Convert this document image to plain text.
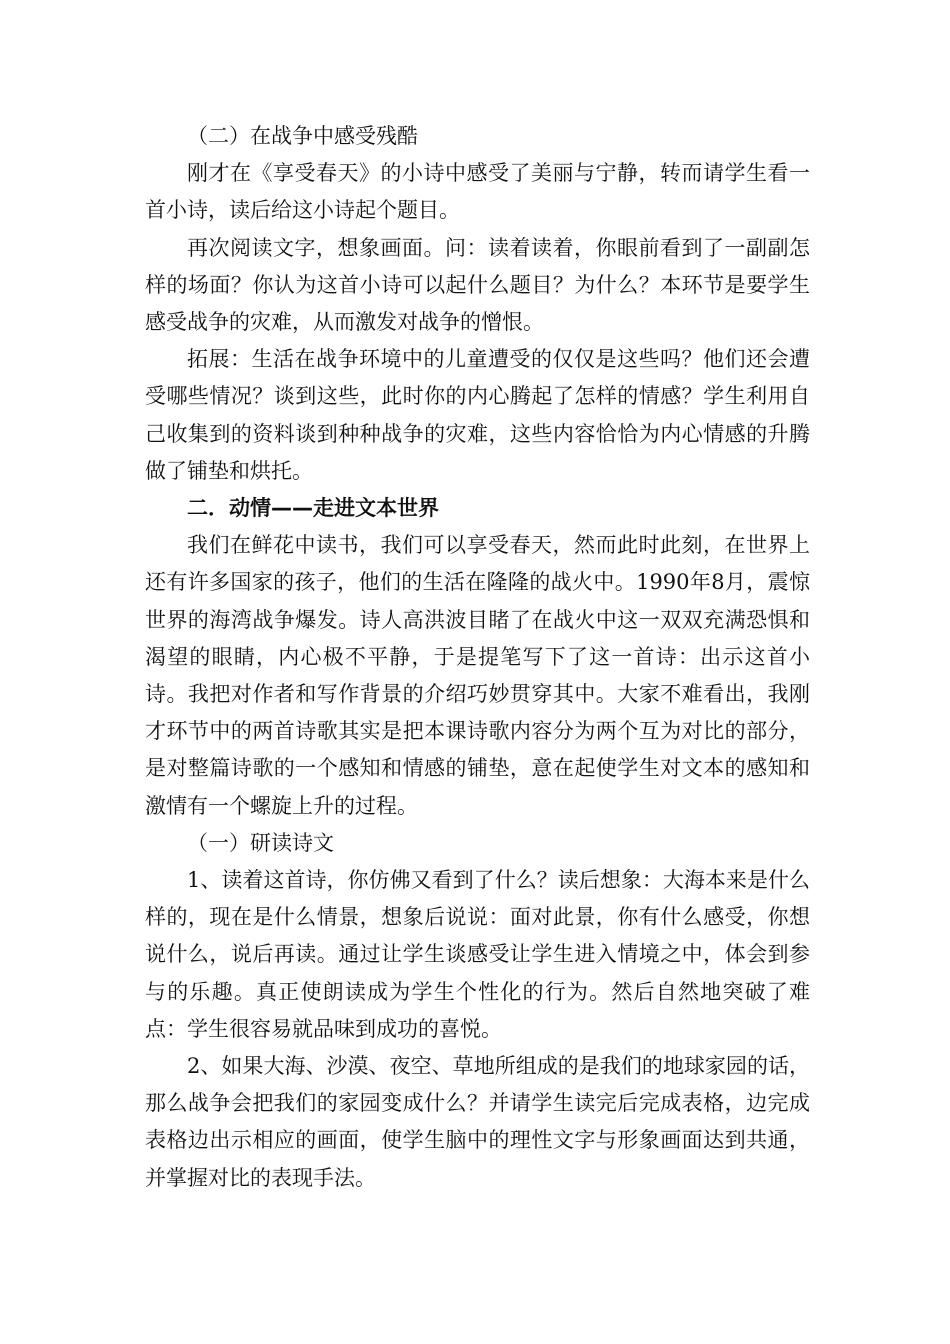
（二）在战争中感受残酷

刚才在《享受春天》的小诗中感受了美丽与宁静，转而请学生看一首小诗，读后给这小诗起个题目。

再次阅读文字，想象画面。问：读着读着，你眼前看到了一副副怎样的场面？你认为这首小诗可以起什么题目？为什么？本环节是要学生感受战争的灾难，从而激发对战争的憎恨。

拓展：生活在战争环境中的儿童遭受的仅仅是这些吗？他们还会遭受哪些情况？谈到这些，此时你的内心腾起了怎样的情感？学生利用自己收集到的资料谈到种种战争的灾难，这些内容恰恰为内心情感的升腾做了铺垫和烘托。

二．动情——走进文本世界

我们在鲜花中读书，我们可以享受春天，然而此时此刻，在世界上还有许多国家的孩子，他们的生活在隆隆的战火中。1990年8月，震惊世界的海湾战争爆发。诗人高洪波目睹了在战火中这一双双充满恐惧和渴望的眼睛，内心极不平静，于是提笔写下了这一首诗：出示这首小诗。我把对作者和写作背景的介绍巧妙贯穿其中。大家不难看出，我刚才环节中的两首诗歌其实是把本课诗歌内容分为两个互为对比的部分，是对整篇诗歌的一个感知和情感的铺垫，意在起使学生对文本的感知和激情有一个螺旋上升的过程。

（一）研读诗文

1、读着这首诗，你仿佛又看到了什么？读后想象：大海本来是什么样的，现在是什么情景，想象后说说：面对此景，你有什么感受，你想说什么，说后再读。通过让学生谈感受让学生进入情境之中，体会到参与的乐趣。真正使朗读成为学生个性化的行为。然后自然地突破了难点：学生很容易就品味到成功的喜悦。

2、如果大海、沙漠、夜空、草地所组成的是我们的地球家园的话，那么战争会把我们的家园变成什么？并请学生读完后完成表格，边完成表格边出示相应的画面，使学生脑中的理性文字与形象画面达到共通，并掌握对比的表现手法。
